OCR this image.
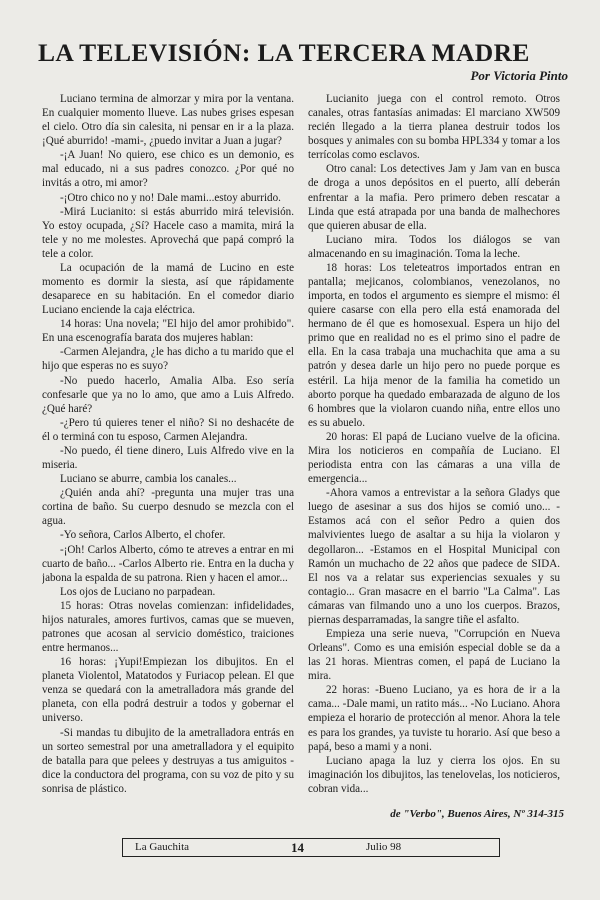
LA TELEVISIÓN: LA TERCERA MADRE
Por Victoria Pinto

Luciano termina de almorzar y mira por la ventana. En cualquier momento llueve. Las nubes grises espesan el cielo. Otro día sin calesita, ni pensar en ir a la plaza. ¡Qué aburrido! -mami-, ¿puedo invitar a Juan a jugar?

-¡A Juan! No quiero, ese chico es un demonio, es mal educado, ni a sus padres conozco. ¿Por qué no invitás a otro, mi amor?

-¡Otro chico no y no! Dale mami...estoy aburrido.

-Mirá Lucianito: si estás aburrido mirá televisión. Yo estoy ocupada, ¿Sí? Hacele caso a mamita, mirá la tele y no me molestes. Aprovechá que papá compró la tele a color.

La ocupación de la mamá de Lucino en este momento es dormir la siesta, así que rápidamente desaparece en su habitación. En el comedor diario Luciano enciende la caja eléctrica.

14 horas: Una novela; "El hijo del amor prohibido". En una escenografía barata dos mujeres hablan:

-Carmen Alejandra, ¿le has dicho a tu marido que el hijo que esperas no es suyo?

-No puedo hacerlo, Amalia Alba. Eso sería confesarle que ya no lo amo, que amo a Luis Alfredo. ¿Qué haré?

-¿Pero tú quieres tener el niño? Si no deshacéte de él o terminá con tu esposo, Carmen Alejandra.

-No puedo, él tiene dinero, Luis Alfredo vive en la miseria.

Luciano se aburre, cambia los canales...

¿Quién anda ahí? -pregunta una mujer tras una cortina de baño. Su cuerpo desnudo se mezcla con el agua.

-Yo señora, Carlos Alberto, el chofer.

-¡Oh! Carlos Alberto, cómo te atreves a entrar en mi cuarto de baño... -Carlos Alberto rie. Entra en la ducha y jabona la espalda de su patrona. Rien y hacen el amor...

Los ojos de Luciano no parpadean.

15 horas: Otras novelas comienzan: infidelidades, hijos naturales, amores furtivos, camas que se mueven, patrones que acosan al servicio doméstico, traiciones entre hermanos...

16 horas: ¡Yupi!Empiezan los dibujitos. En el planeta Violentol, Matatodos y Furiacop pelean. El que venza se quedará con la ametralladora más grande del planeta, con ella podrá destruir a todos y gobernar el universo.

-Si mandas tu dibujito de la ametralladora entrás en un sorteo semestral por una ametralladora y el equipito de batalla para que pelees y destruyas a tus amiguitos -dice la conductora del programa, con su voz de pito y su sonrisa de plástico.

Lucianito juega con el control remoto. Otros canales, otras fantasías animadas: El marciano XW509 recién llegado a la tierra planea destruir todos los bosques y animales con su bomba HPL334 y tomar a los terrícolas como esclavos.

Otro canal: Los detectives Jam y Jam van en busca de droga a unos depósitos en el puerto, allí deberán enfrentar a la mafia. Pero primero deben rescatar a Linda que está atrapada por una banda de malhechores que quieren abusar de ella.

Luciano mira. Todos los diálogos se van almacenando en su imaginación. Toma la leche.

18 horas: Los teleteatros importados entran en pantalla; mejicanos, colombianos, venezolanos, no importa, en todos el argumento es siempre el mismo: él quiere casarse con ella pero ella está enamorada del hermano de él que es homosexual. Espera un hijo del primo que en realidad no es el primo sino el padre de ella. En la casa trabaja una muchachita que ama a su patrón y desea darle un hijo pero no puede porque es estéril. La hija menor de la familia ha cometido un aborto porque ha quedado embarazada de alguno de los 6 hombres que la violaron cuando niña, entre ellos uno es su abuelo.

20 horas: El papá de Luciano vuelve de la oficina. Mira los noticieros en compañía de Luciano. El periodista entra con las cámaras a una villa de emergencia...

-Ahora vamos a entrevistar a la señora Gladys que luego de asesinar a sus dos hijos se comió uno... -Estamos acá con el señor Pedro a quien dos malvivientes luego de asaltar a su hija la violaron y degollaron... -Estamos en el Hospital Municipal con Ramón un muchacho de 22 años que padece de SIDA. El nos va a relatar sus experiencias sexuales y su contagio... Gran masacre en el barrio "La Calma". Las cámaras van filmando uno a uno los cuerpos. Brazos, piernas desparramadas, la sangre tiñe el asfalto.

Empieza una serie nueva, "Corrupción en Nueva Orleans". Como es una emisión especial doble se da a las 21 horas. Mientras comen, el papá de Luciano la mira.

22 horas: -Bueno Luciano, ya es hora de ir a la cama... -Dale mami, un ratito más... -No Luciano. Ahora empieza el horario de protección al menor. Ahora la tele es para los grandes, ya tuviste tu horario. Así que beso a papá, beso a mami y a noni.

Luciano apaga la luz y cierra los ojos. En su imaginación los dibujitos, las tenelovelas, los noticieros, cobran vida...

de "Verbo", Buenos Aires, Nº 314-315
La Gauchita	14	Julio 98
